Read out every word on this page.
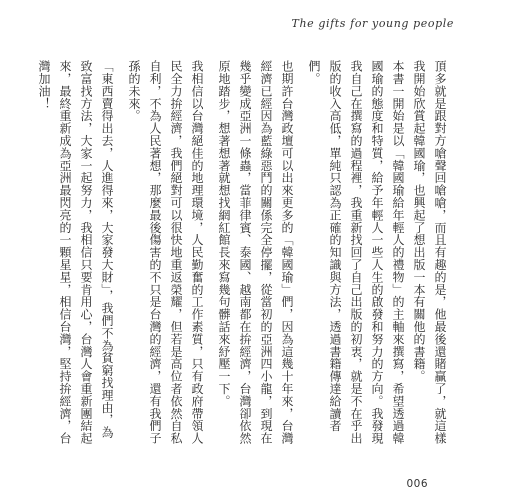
The gifts for young people

頂多就是跟對方嗆聲回嗆嗆，而且有趣的是，他最後還賭贏了，就這樣我開始欣賞起韓國瑜，也興起了想出版一本有關他的書籍。

本書一開始是以「韓國瑜給年輕人的禮物」的主軸來撰寫，希望透過韓國瑜的態度和特質，給予年輕人一些人生的啟發和努力的方向。我發現我自己在撰寫的過程裡，我重新找回了自己出版的初衷，就是不在乎出版的收入高低，單純只認為正確的知識與方法，透過書籍傳達給讀者們。

也期許台灣政壇可以出來更多的「韓國瑜」們，因為這幾十年來，台灣經濟已經因為藍綠惡鬥的關係完全停擺，從當初的亞洲四小龍，到現在幾乎變成亞洲一條蟲，當菲律賓、泰國、越南都在拚經濟，台灣卻依然原地踏步，想著想著就想找網紅館長來寫幾句髒話來紓壓一下。

我相信以台灣絕佳的地理環境，人民勤奮的工作素質，只有政府帶領人民全力拚經濟，我們絕對可以很快地重返榮耀，但若是高位者依然自私自利，不為人民著想，那麼最後傷害的不只是台灣的經濟，還有我們子孫的未來。

「東西賣得出去，人進得來，大家發大財」，我們不為貧窮找理由，為致富找方法，大家一起努力，我相信只要肯用心，台灣人會重新團結起來，最終重新成為亞洲最閃亮的一顆星星，相信台灣，堅持拚經濟，台灣加油！

006
